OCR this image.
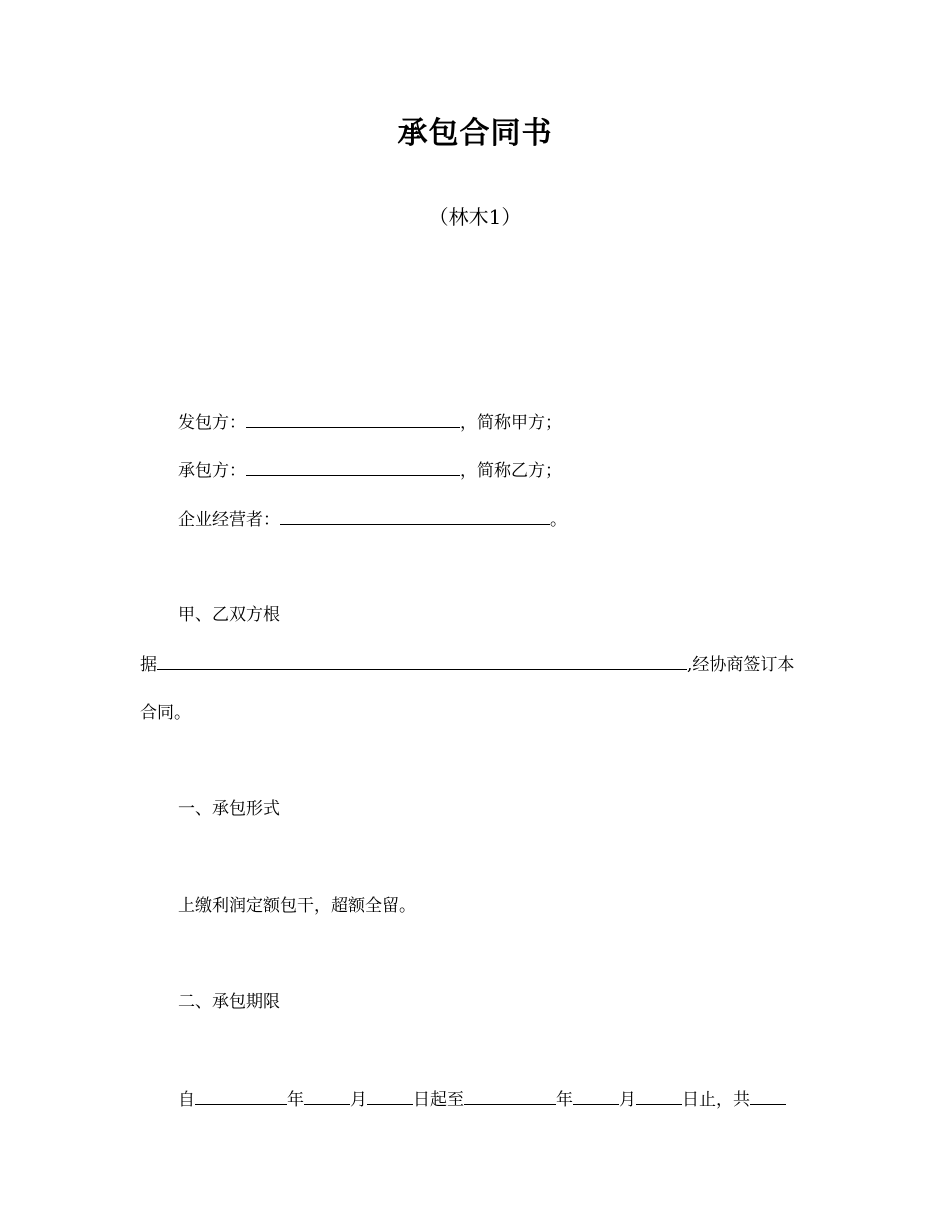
承包合同书
（林木1）
发包方：	，简称甲方；
承包方：	，简称乙方；
企业经营者：	。
甲、乙双方根
据	,经协商签订本
合同。
一、承包形式
上缴利润定额包干，超额全留。
二、承包期限
自	年	月	日起至	年	月	日止，共
